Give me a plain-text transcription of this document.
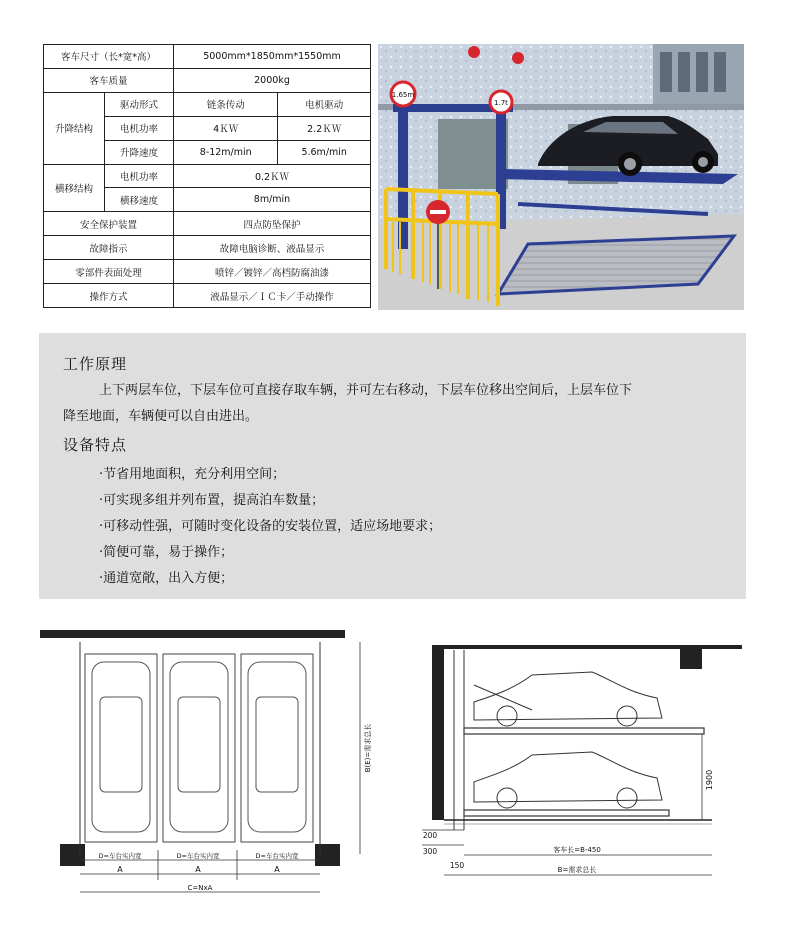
客车尺寸（长*宽*高）		5000mm*1850mm*1550mm	
客车质量		2000kg	
升降结构	驱动形式	链条传动	电机驱动
	电机功率	4ＫＷ	2.2ＫＷ
	升降速度	8-12m/min	5.6m/min
横移结构	电机功率	0.2ＫＷ	
	横移速度	8m/min	
安全保护装置		四点防坠保护	
故障指示		故障电脑诊断、液晶显示	
零部件表面处理		喷锌／镀锌／高档防腐油漆	
操作方式		液晶显示／ＩＣ卡／手动操作	
1.65m
1.7t
工作原理
上下两层车位，下层车位可直接存取车辆，并可左右移动，下层车位移出空间后，上层车位下
降至地面，车辆便可以自由进出。
设备特点
·节省用地面积，充分利用空间；
·可实现多组并列布置，提高泊车数量；
·可移动性强，可随时变化设备的安装位置，适应场地要求；
·简便可靠，易于操作；
·通道宽敞，出入方便；
D=车台实内宽	D=车台实内宽	D=车台实内宽
A	A	A
C=NxA
B(E)=需求总长
1900
200
300
150
客车长=B-450
B=需求总长
